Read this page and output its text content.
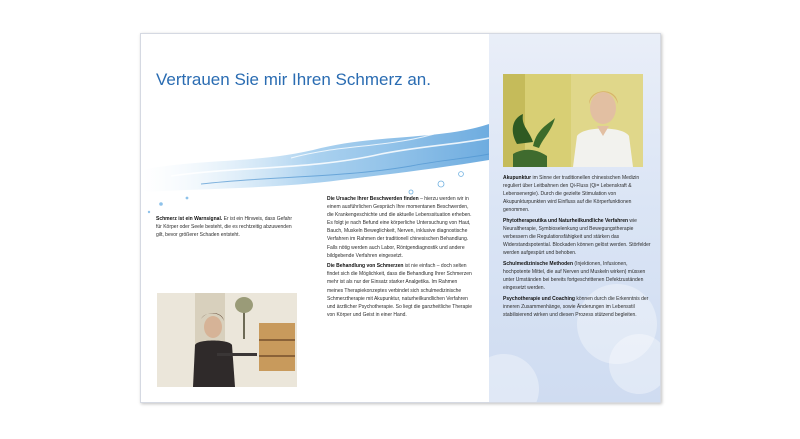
Vertrauen Sie mir Ihren Schmerz an.

Schmerz ist ein Warnsignal. Er ist ein Hinweis, dass Gefahr für Körper oder Seele besteht, die es rechtzeitig abzuwenden gilt, bevor größerer Schaden entsteht.

Die Ursache Ihrer Beschwerden finden – hierzu werden wir in einem ausführlichen Gespräch Ihre momentanen Beschwerden, die Krankengeschichte und die aktuelle Lebenssituation erheben. Es folgt je nach Befund eine körperliche Untersuchung von Haut, Bauch, Muskeln Beweglichkeit, Nerven, inklusive diagnostische Verfahren im Rahmen der traditionell chinesischen Behandlung. Falls nötig werden auch Labor, Röntgendiagnostik und andere bildgebende Verfahren eingesetzt.

Die Behandlung von Schmerzen ist nie einfach – doch selten findet sich die Möglichkeit, dass die Behandlung Ihrer Schmerzen mehr ist als nur der Einsatz starker Analgetika. Im Rahmen meines Therapiekonzeptes verbindet sich schulmedizinische Schmerztherapie mit Akupunktur, naturheilkundlichen Verfahren und ärztlicher Psychotherapie. So liegt die ganzheitliche Therapie von Körper und Geist in einer Hand.

Akupunktur im Sinne der traditionellen chinesischen Medizin reguliert über Leitbahnen den Qi-Fluss (Qi= Lebenskraft & Lebensenergie). Durch die gezielte Stimulation von Akupunkturpunkten wird Einfluss auf die Körperfunktionen genommen.

Phytotherapeutika und Naturheilkundliche Verfahren wie Neuraltherapie, Symbioselenkung und Bewegungstherapie verbessern die Regulationsfähigkeit und stärken das Widerstandspotential. Blockaden können gelöst werden. Störfelder werden aufgespürt und behoben.

Schulmedizinische Methoden (Injektionen, Infusionen, hochpotente Mittel, die auf Nerven und Muskeln wirken) müssen unter Umständen bei bereits fortgeschrittenen Defektzuständen eingesetzt werden.

Psychotherapie und Coaching können durch die Erkenntnis der inneren Zusammenhänge, sowie Änderungen im Lebensstil stabilisierend wirken und diesen Prozess stützend begleiten.
